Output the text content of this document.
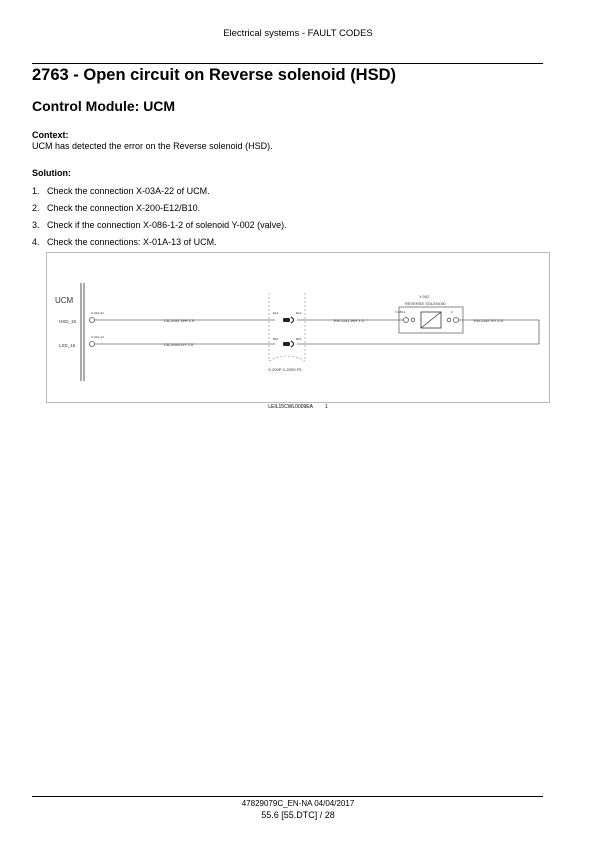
Electrical systems - FAULT CODES
2763 - Open circuit on Reverse solenoid (HSD)
Control Module: UCM
Context:
UCM has detected the error on the Reverse solenoid (HSD).
Solution:
1. Check the connection X-03A-22 of UCM.
2. Check the connection X-200-E12/B10.
3. Check if the connection X-086-1-2 of solenoid Y-002 (valve).
4. Check the connections: X-01A-13 of UCM.
UCM
HSD_15
LSD_16
X-03A-22
X-01A-13
CA-2041 WH 1.0
CA-2044 GY 1.0
E12	E12
B10	B10
X-200P X-200S F5
EN-1131 WH 1.0
Y-002
REVERSE SOLENOID
X-086-1	2
EN-1132 GY 1.0
LEIL15CWL0009EA 1
47829079C_EN-NA 04/04/2017
55.6 [55.DTC] / 28
